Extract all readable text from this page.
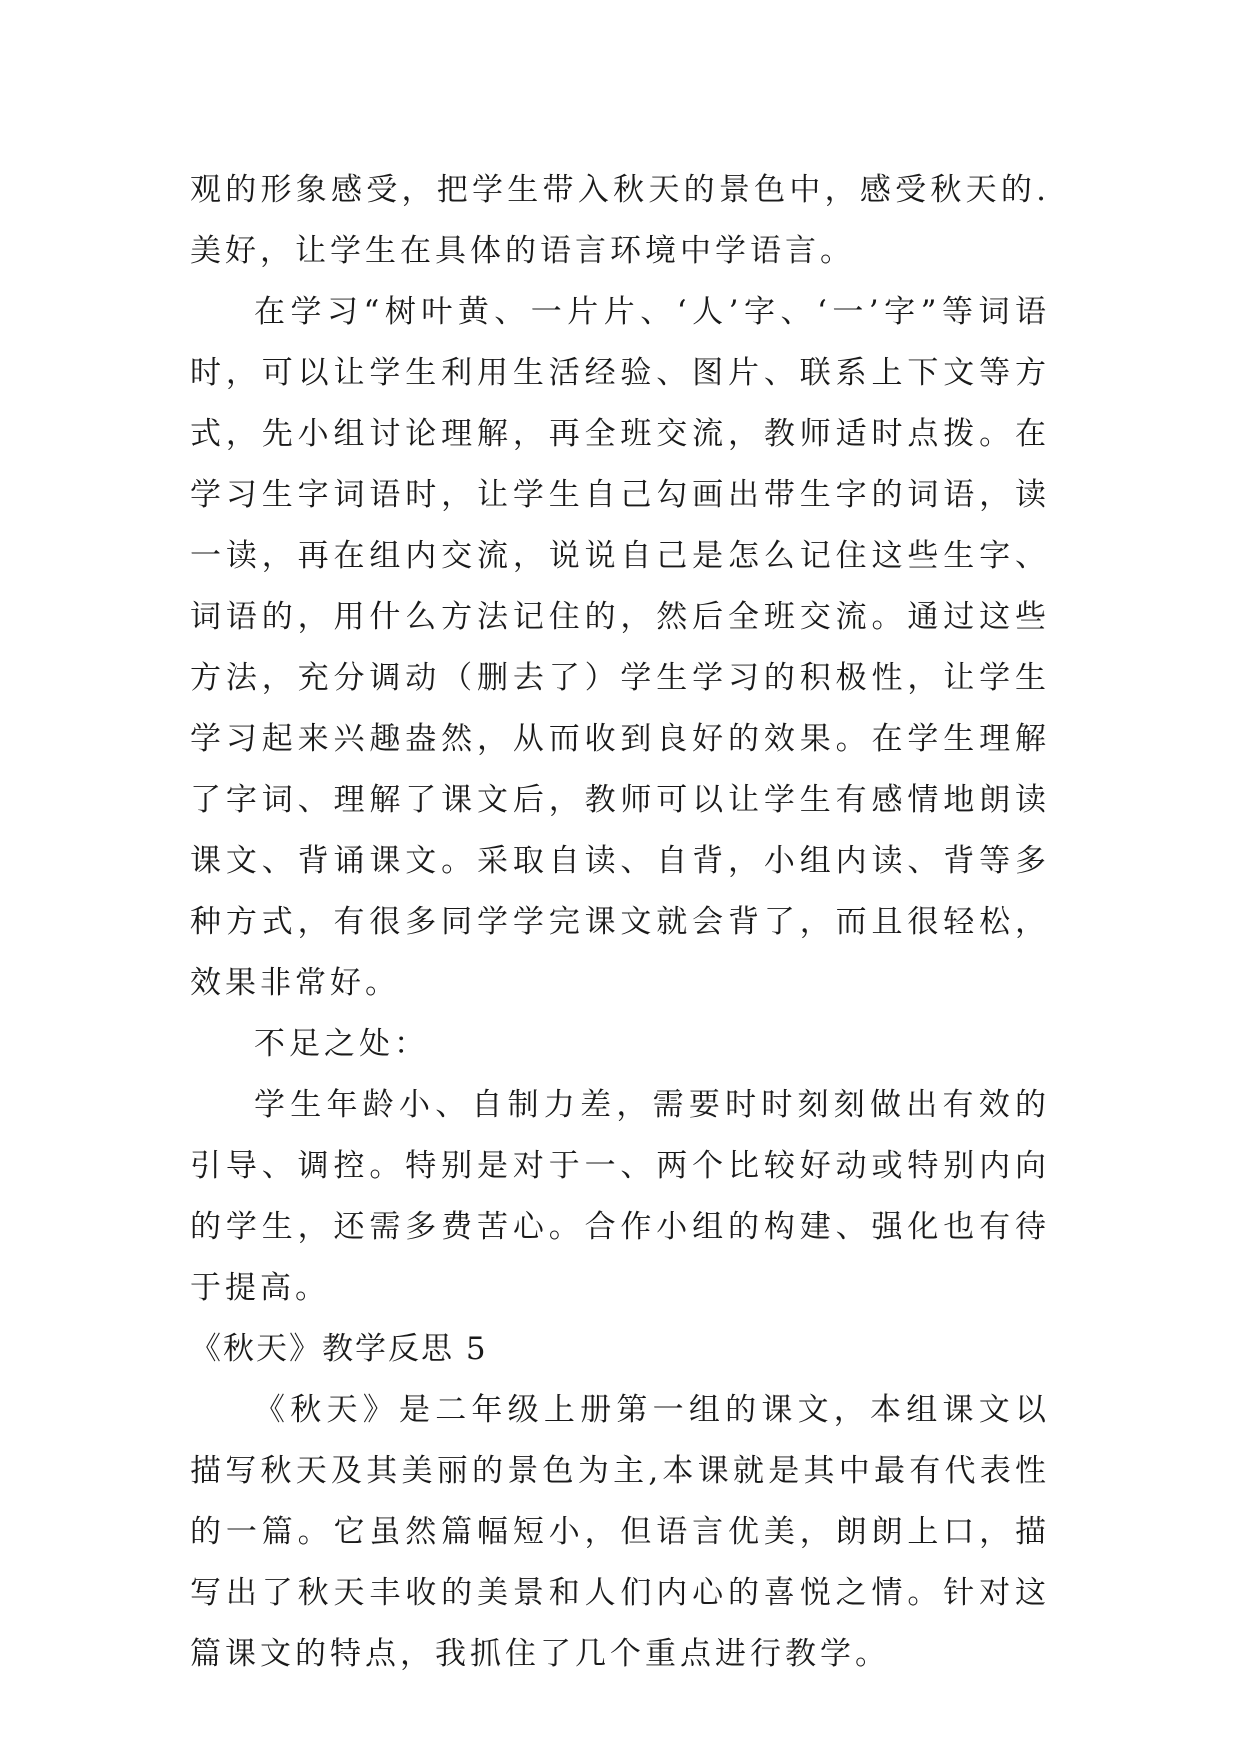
观的形象感受，把学生带入秋天的景色中，感受秋天的.美好，让学生在具体的语言环境中学语言。

在学习“树叶黄、一片片、‘人’字、‘一’字”等词语时，可以让学生利用生活经验、图片、联系上下文等方式，先小组讨论理解，再全班交流，教师适时点拨。在学习生字词语时，让学生自己勾画出带生字的词语，读一读，再在组内交流，说说自己是怎么记住这些生字、词语的，用什么方法记住的，然后全班交流。通过这些方法，充分调动（删去了）学生学习的积极性，让学生学习起来兴趣盎然，从而收到良好的效果。在学生理解了字词、理解了课文后，教师可以让学生有感情地朗读课文、背诵课文。采取自读、自背，小组内读、背等多种方式，有很多同学学完课文就会背了，而且很轻松，效果非常好。

不足之处：

学生年龄小、自制力差，需要时时刻刻做出有效的引导、调控。特别是对于一、两个比较好动或特别内向的学生，还需多费苦心。合作小组的构建、强化也有待于提高。

《秋天》教学反思 5

《秋天》是二年级上册第一组的课文，本组课文以描写秋天及其美丽的景色为主,本课就是其中最有代表性的一篇。它虽然篇幅短小，但语言优美，朗朗上口，描写出了秋天丰收的美景和人们内心的喜悦之情。针对这篇课文的特点，我抓住了几个重点进行教学。
